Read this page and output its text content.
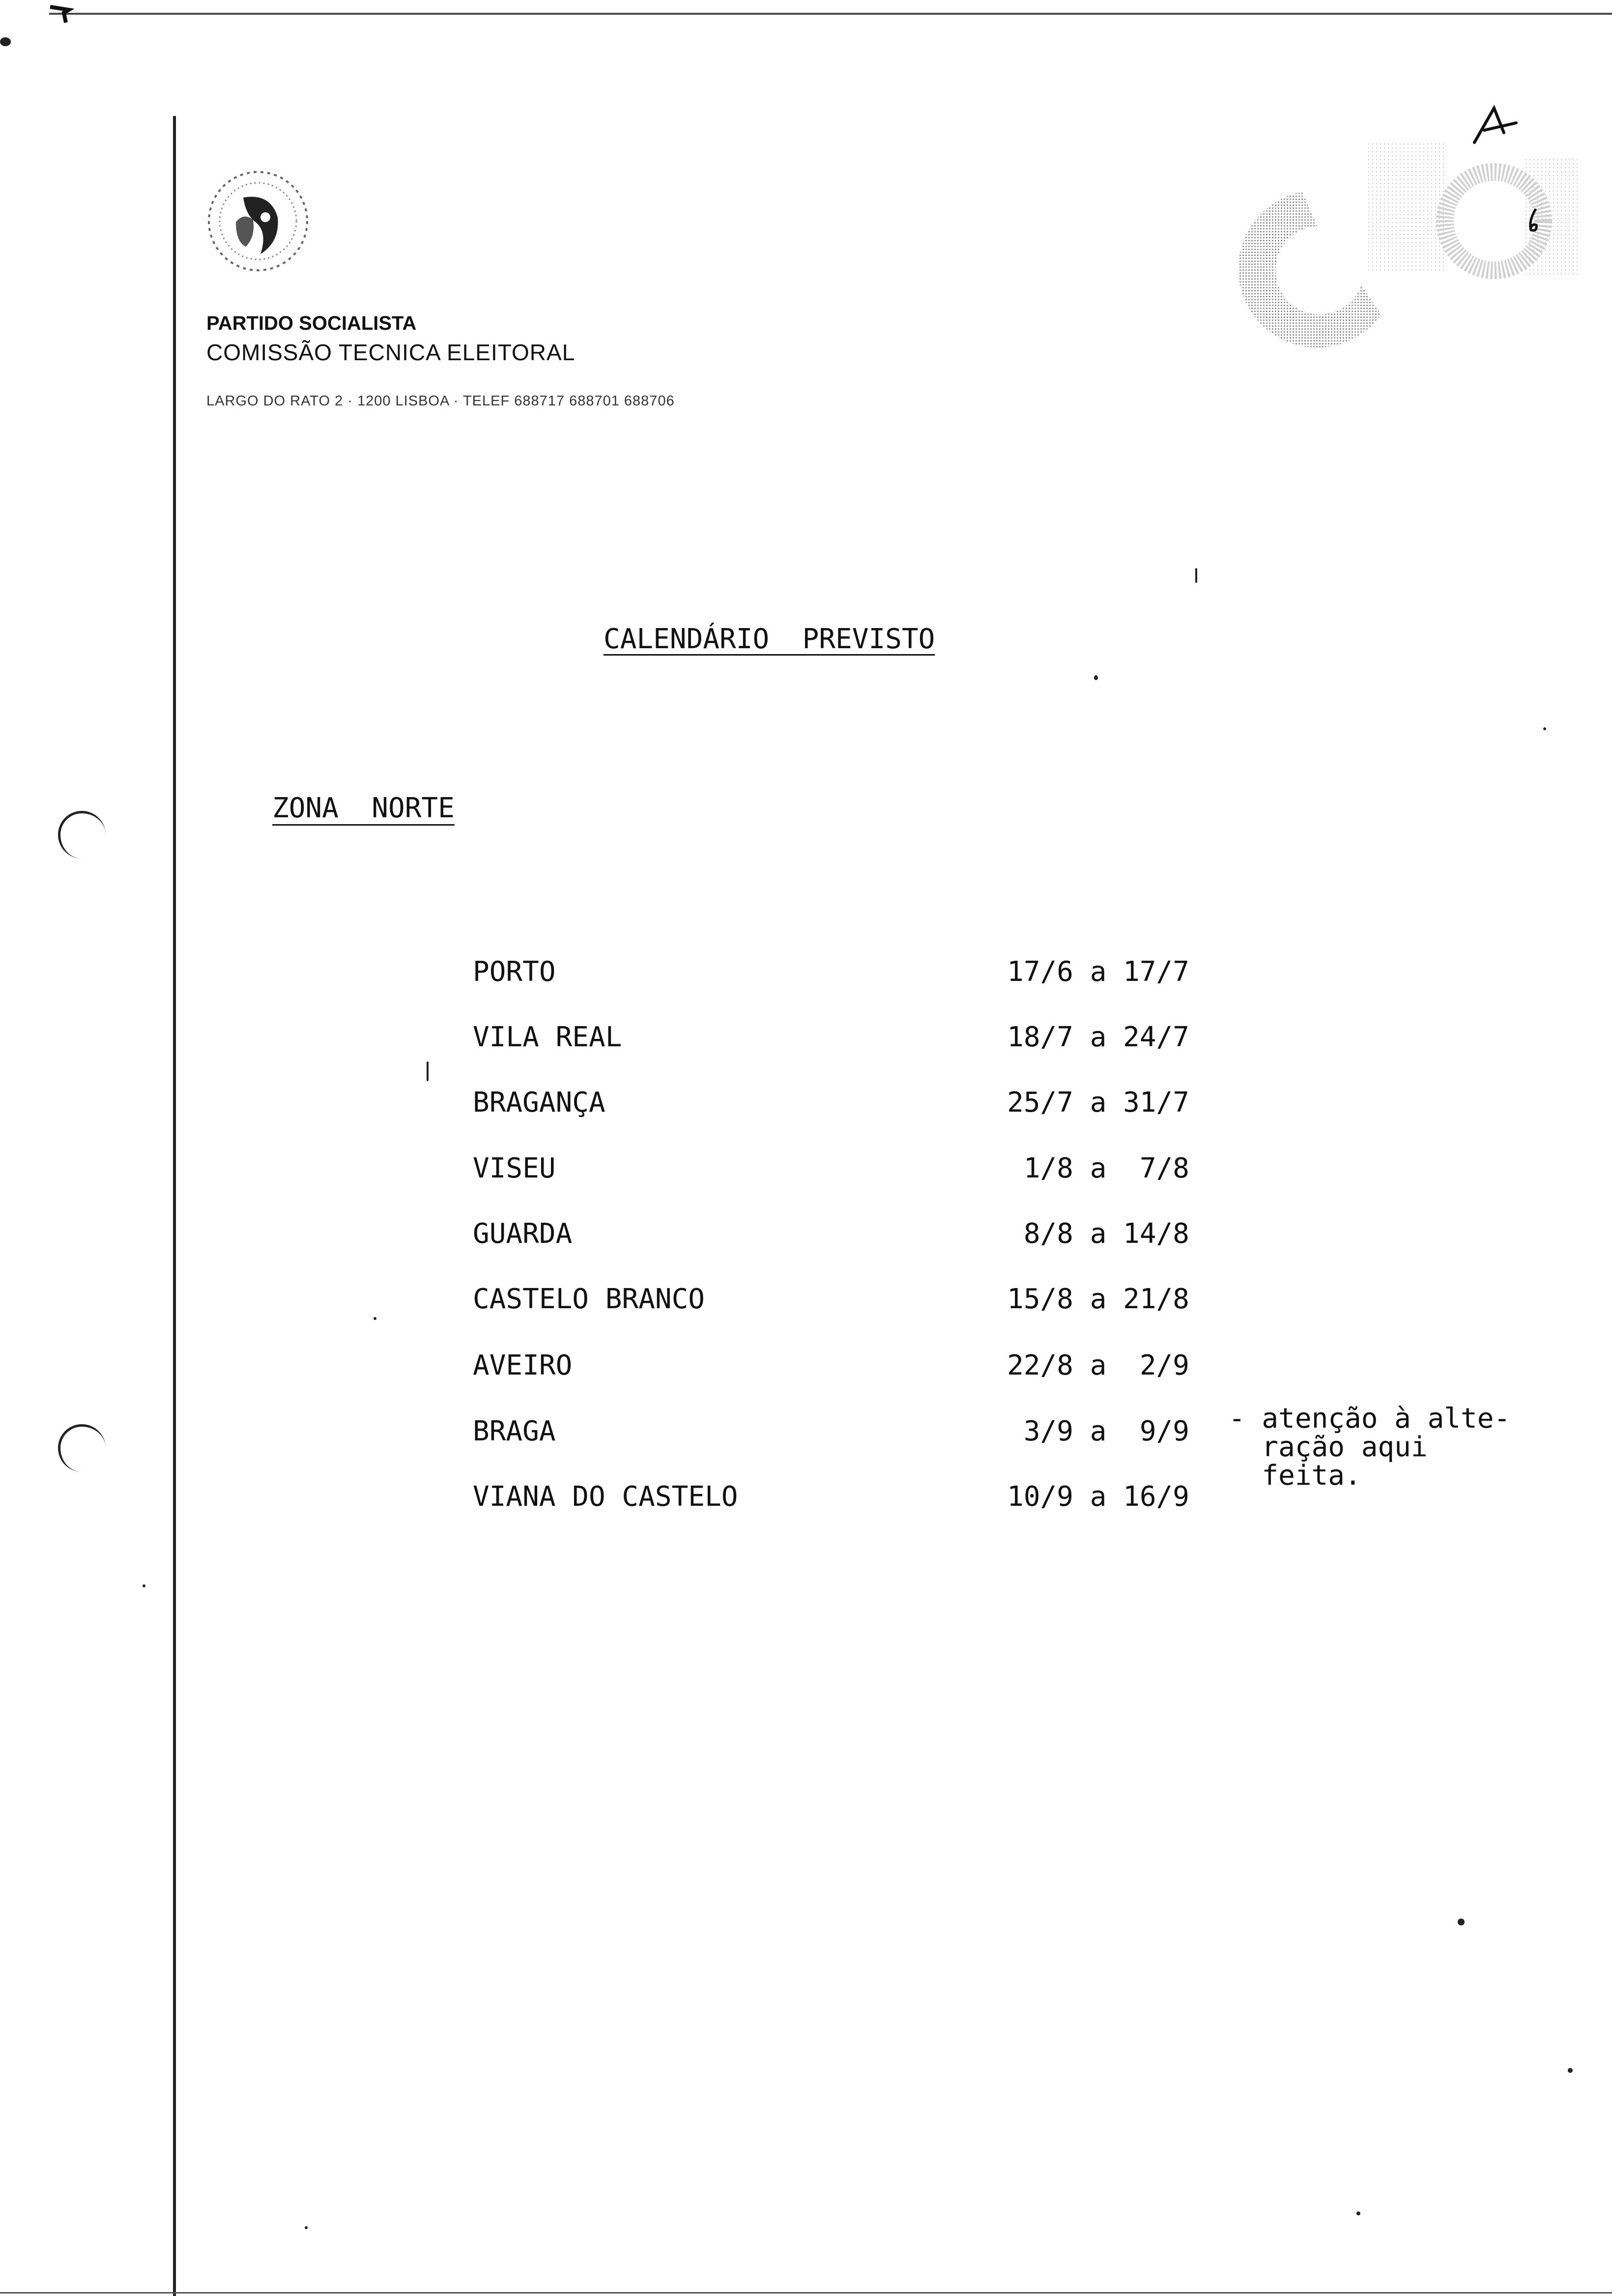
PARTIDO SOCIALISTA
COMISSÃO TECNICA ELEITORAL
LARGO DO RATO 2 · 1200 LISBOA · TELEF 688717 688701 688706
CALENDÁRIO  PREVISTO
ZONA  NORTE
PORTO	17/6 a 17/7
VILA REAL	18/7 a 24/7
BRAGANÇA	25/7 a 31/7
VISEU	1/8 a  7/8
GUARDA	8/8 a 14/8
CASTELO BRANCO	15/8 a 21/8
AVEIRO	22/8 a  2/9
BRAGA	3/9 a  9/9
VIANA DO CASTELO	10/9 a 16/9
- atenção à alte-
ração aqui
feita.
